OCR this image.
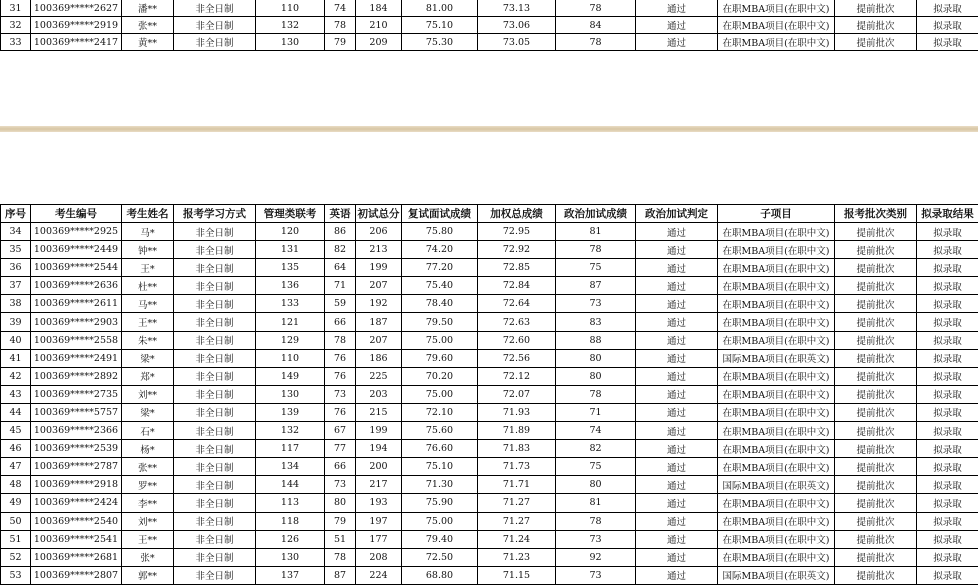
31	100369*****2627	潘**	非全日制	110	74	184	81.00	73.13	78	通过	在职MBA项目(在职中文)	提前批次	拟录取
32	100369*****2919	张**	非全日制	132	78	210	75.10	73.06	84	通过	在职MBA项目(在职中文)	提前批次	拟录取
33	100369*****2417	黄**	非全日制	130	79	209	75.30	73.05	78	通过	在职MBA项目(在职中文)	提前批次	拟录取
序号	考生编号	考生姓名	报考学习方式	管理类联考	英语	初试总分	复试面试成绩	加权总成绩	政治加试成绩	政治加试判定	子项目	报考批次类别	拟录取结果
34	100369*****2925	马*	非全日制	120	86	206	75.80	72.95	81	通过	在职MBA项目(在职中文)	提前批次	拟录取
35	100369*****2449	钟**	非全日制	131	82	213	74.20	72.92	78	通过	在职MBA项目(在职中文)	提前批次	拟录取
36	100369*****2544	王*	非全日制	135	64	199	77.20	72.85	75	通过	在职MBA项目(在职中文)	提前批次	拟录取
37	100369*****2636	杜**	非全日制	136	71	207	75.40	72.84	87	通过	在职MBA项目(在职中文)	提前批次	拟录取
38	100369*****2611	马**	非全日制	133	59	192	78.40	72.64	73	通过	在职MBA项目(在职中文)	提前批次	拟录取
39	100369*****2903	王**	非全日制	121	66	187	79.50	72.63	83	通过	在职MBA项目(在职中文)	提前批次	拟录取
40	100369*****2558	朱**	非全日制	129	78	207	75.00	72.60	88	通过	在职MBA项目(在职中文)	提前批次	拟录取
41	100369*****2491	梁*	非全日制	110	76	186	79.60	72.56	80	通过	国际MBA项目(在职英文)	提前批次	拟录取
42	100369*****2892	郑*	非全日制	149	76	225	70.20	72.12	80	通过	在职MBA项目(在职中文)	提前批次	拟录取
43	100369*****2735	刘**	非全日制	130	73	203	75.00	72.07	78	通过	在职MBA项目(在职中文)	提前批次	拟录取
44	100369*****5757	梁*	非全日制	139	76	215	72.10	71.93	71	通过	在职MBA项目(在职中文)	提前批次	拟录取
45	100369*****2366	石*	非全日制	132	67	199	75.60	71.89	74	通过	在职MBA项目(在职中文)	提前批次	拟录取
46	100369*****2539	杨*	非全日制	117	77	194	76.60	71.83	82	通过	在职MBA项目(在职中文)	提前批次	拟录取
47	100369*****2787	张**	非全日制	134	66	200	75.10	71.73	75	通过	在职MBA项目(在职中文)	提前批次	拟录取
48	100369*****2918	罗**	非全日制	144	73	217	71.30	71.71	80	通过	国际MBA项目(在职英文)	提前批次	拟录取
49	100369*****2424	李**	非全日制	113	80	193	75.90	71.27	81	通过	在职MBA项目(在职中文)	提前批次	拟录取
50	100369*****2540	刘**	非全日制	118	79	197	75.00	71.27	78	通过	在职MBA项目(在职中文)	提前批次	拟录取
51	100369*****2541	王**	非全日制	126	51	177	79.40	71.24	73	通过	在职MBA项目(在职中文)	提前批次	拟录取
52	100369*****2681	张*	非全日制	130	78	208	72.50	71.23	92	通过	在职MBA项目(在职中文)	提前批次	拟录取
53	100369*****2807	郭**	非全日制	137	87	224	68.80	71.15	73	通过	国际MBA项目(在职英文)	提前批次	拟录取
